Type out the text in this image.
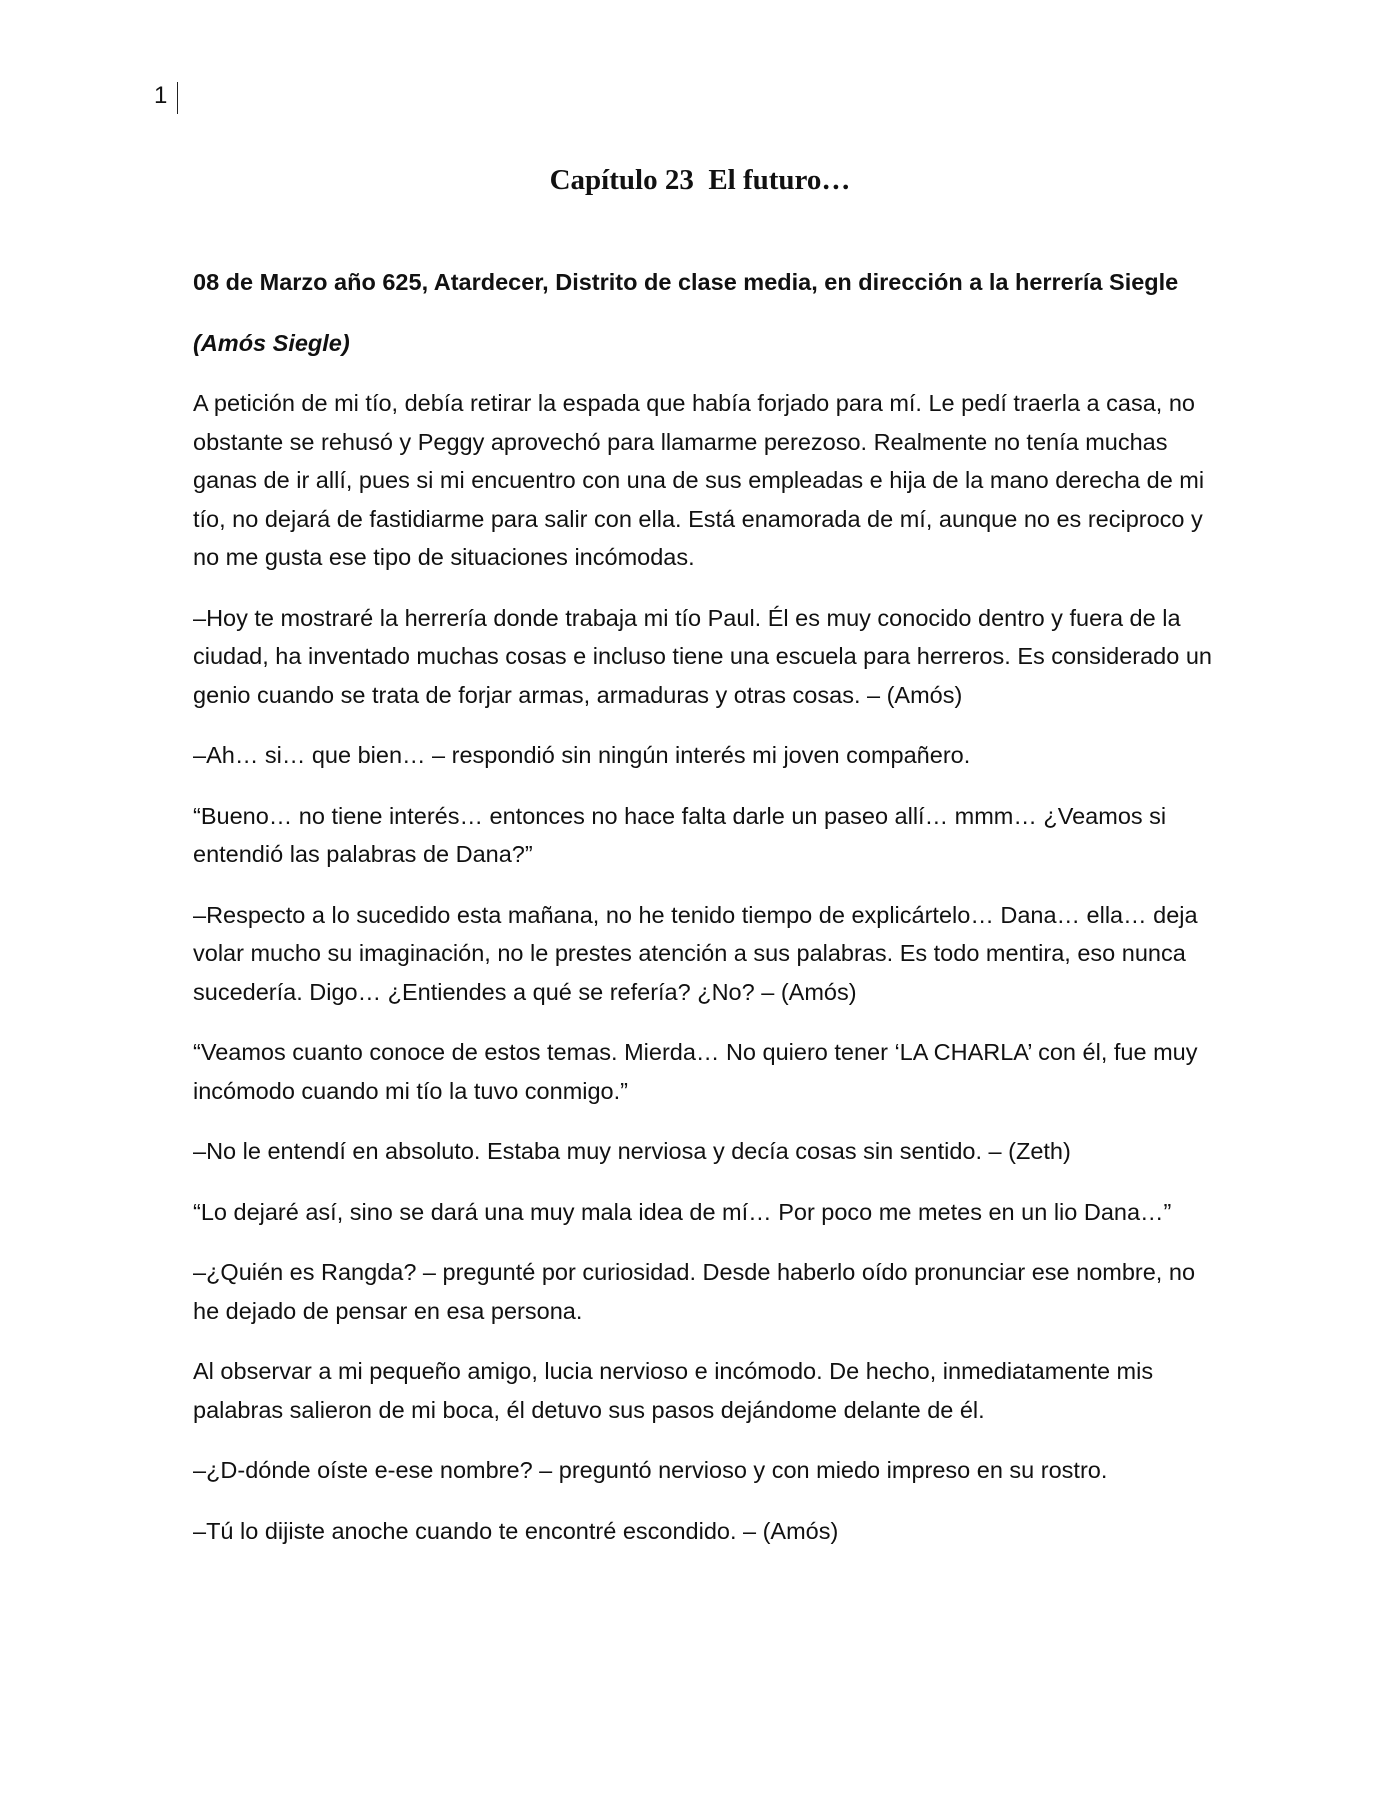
1
Capítulo 23  El futuro…

08 de Marzo año 625, Atardecer, Distrito de clase media, en dirección a la herrería Siegle

(Amós Siegle)

A petición de mi tío, debía retirar la espada que había forjado para mí. Le pedí traerla a casa, no obstante se rehusó y Peggy aprovechó para llamarme perezoso. Realmente no tenía muchas ganas de ir allí, pues si mi encuentro con una de sus empleadas e hija de la mano derecha de mi tío, no dejará de fastidiarme para salir con ella. Está enamorada de mí, aunque no es reciproco y no me gusta ese tipo de situaciones incómodas.

–Hoy te mostraré la herrería donde trabaja mi tío Paul. Él es muy conocido dentro y fuera de la ciudad, ha inventado muchas cosas e incluso tiene una escuela para herreros. Es considerado un genio cuando se trata de forjar armas, armaduras y otras cosas. – (Amós)

–Ah… si… que bien… – respondió sin ningún interés mi joven compañero.

“Bueno… no tiene interés… entonces no hace falta darle un paseo allí… mmm… ¿Veamos si entendió las palabras de Dana?”

–Respecto a lo sucedido esta mañana, no he tenido tiempo de explicártelo… Dana… ella… deja volar mucho su imaginación, no le prestes atención a sus palabras. Es todo mentira, eso nunca sucedería. Digo… ¿Entiendes a qué se refería? ¿No? – (Amós)

“Veamos cuanto conoce de estos temas. Mierda… No quiero tener ‘LA CHARLA’ con él, fue muy incómodo cuando mi tío la tuvo conmigo.”

–No le entendí en absoluto. Estaba muy nerviosa y decía cosas sin sentido. – (Zeth)

“Lo dejaré así, sino se dará una muy mala idea de mí… Por poco me metes en un lio Dana…”

–¿Quién es Rangda? – pregunté por curiosidad. Desde haberlo oído pronunciar ese nombre, no he dejado de pensar en esa persona.

Al observar a mi pequeño amigo, lucia nervioso e incómodo. De hecho, inmediatamente mis palabras salieron de mi boca, él detuvo sus pasos dejándome delante de él.

–¿D-dónde oíste e-ese nombre? – preguntó nervioso y con miedo impreso en su rostro.

–Tú lo dijiste anoche cuando te encontré escondido. – (Amós)
